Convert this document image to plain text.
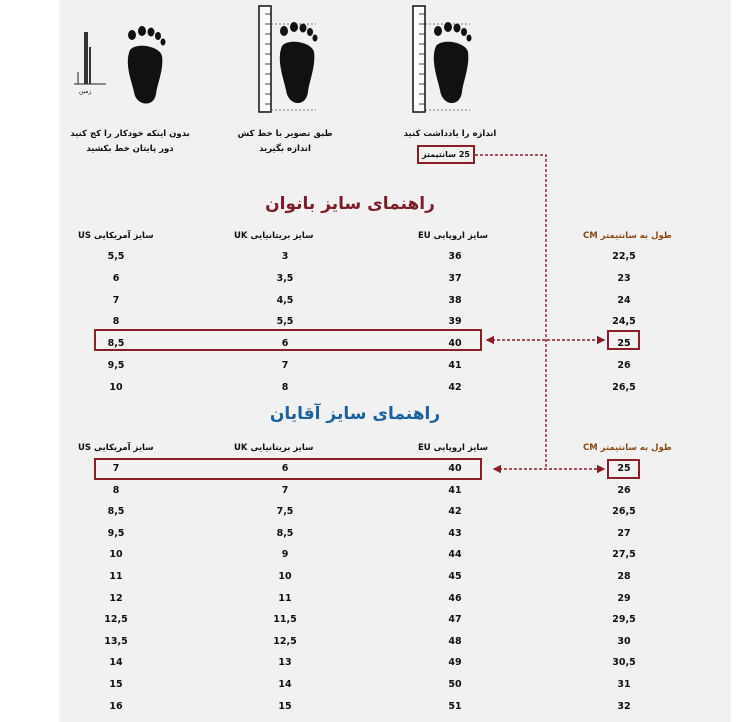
زمین
بدون اینکه خودکار را کج کنید
دور پایتان خط بکشید
طبق تصویر با خط کش
اندازه بگیرید
اندازه را یادداشت کنید
25 سانتیمتر
راهنمای سایز بانوان
سایز آمریکایی US	سایز بریتانیایی UK	سایز اروپایی EU	طول به سانتیمتر CM
5,5	3	36	22,5
6	3,5	37	23
7	4,5	38	24
8	5,5	39	24,5
8,5	6	40	25
9,5	7	41	26
10	8	42	26,5
راهنمای سایز آقایان
سایز آمریکایی US	سایز بریتانیایی UK	سایز اروپایی EU	طول به سانتیمتر CM
7	6	40	25
8	7	41	26
8,5	7,5	42	26,5
9,5	8,5	43	27
10	9	44	27,5
11	10	45	28
12	11	46	29
12,5	11,5	47	29,5
13,5	12,5	48	30
14	13	49	30,5
15	14	50	31
16	15	51	32
